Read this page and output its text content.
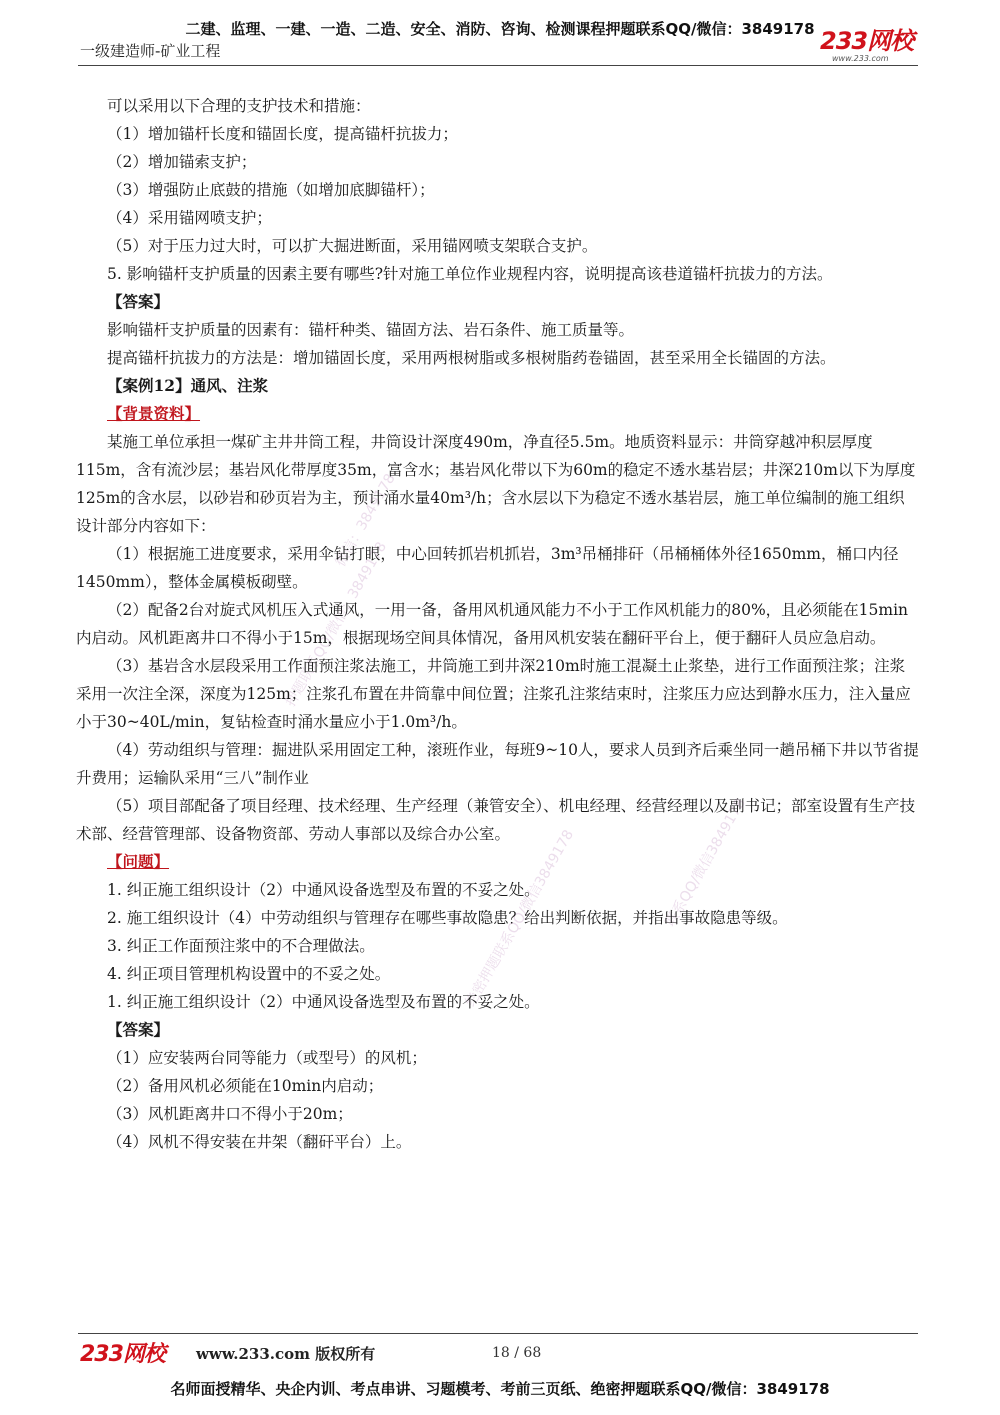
二建、监理、一建、一造、二造、安全、消防、咨询、检测课程押题联系QQ/微信：3849178
一级建造师-矿业工程	233网校
www.233.com
微信：3849178
押题联系QQ/微信：3849178
联系QQ/微信3849178
绝密押题联系QQ/微信3849178

可以采用以下合理的支护技术和措施：

（1）增加锚杆长度和锚固长度，提高锚杆抗拔力；

（2）增加锚索支护；

（3）增强防止底鼓的措施（如增加底脚锚杆）；

（4）采用锚网喷支护；

（5）对于压力过大时，可以扩大掘进断面，采用锚网喷支架联合支护。

5. 影响锚杆支护质量的因素主要有哪些?针对施工单位作业规程内容，说明提高该巷道锚杆抗拔力的方法。

【答案】

影响锚杆支护质量的因素有：锚杆种类、锚固方法、岩石条件、施工质量等。

提高锚杆抗拔力的方法是：增加锚固长度，采用两根树脂或多根树脂药卷锚固，甚至采用全长锚固的方法。

【案例12】通风、注浆

【背景资料】

某施工单位承担一煤矿主井井筒工程，井筒设计深度490m，净直径5.5m。地质资料显示：井筒穿越冲积层厚度115m，含有流沙层；基岩风化带厚度35m，富含水；基岩风化带以下为60m的稳定不透水基岩层；井深210m以下为厚度125m的含水层，以砂岩和砂页岩为主，预计涌水量40m³/h；含水层以下为稳定不透水基岩层，施工单位编制的施工组织设计部分内容如下：

（1）根据施工进度要求，采用伞钻打眼，中心回转抓岩机抓岩，3m³吊桶排矸（吊桶桶体外径1650mm，桶口内径1450mm），整体金属模板砌壁。

（2）配备2台对旋式风机压入式通风，一用一备，备用风机通风能力不小于工作风机能力的80%，且必须能在15min内启动。风机距离井口不得小于15m，根据现场空间具体情况，备用风机安装在翻矸平台上，便于翻矸人员应急启动。

（3）基岩含水层段采用工作面预注浆法施工，井筒施工到井深210m时施工混凝土止浆垫，进行工作面预注浆；注浆采用一次注全深，深度为125m；注浆孔布置在井筒靠中间位置；注浆孔注浆结束时，注浆压力应达到静水压力，注入量应小于30~40L/min，复钻检查时涌水量应小于1.0m³/h。

（4）劳动组织与管理：掘进队采用固定工种，滚班作业，每班9~10人，要求人员到齐后乘坐同一趟吊桶下井以节省提升费用；运输队采用“三八”制作业

（5）项目部配备了项目经理、技术经理、生产经理（兼管安全）、机电经理、经营经理以及副书记；部室设置有生产技术部、经营管理部、设备物资部、劳动人事部以及综合办公室。

【问题】

1. 纠正施工组织设计（2）中通风设备选型及布置的不妥之处。

2. 施工组织设计（4）中劳动组织与管理存在哪些事故隐患？给出判断依据，并指出事故隐患等级。

3. 纠正工作面预注浆中的不合理做法。

4. 纠正项目管理机构设置中的不妥之处。

1. 纠正施工组织设计（2）中通风设备选型及布置的不妥之处。

【答案】

（1）应安装两台同等能力（或型号）的风机；

（2）备用风机必须能在10min内启动；

（3）风机距离井口不得小于20m；

（4）风机不得安装在井架（翻矸平台）上。

233网校 www.233.com 版权所有	18 / 68
名师面授精华、央企内训、考点串讲、习题模考、考前三页纸、绝密押题联系QQ/微信：3849178
